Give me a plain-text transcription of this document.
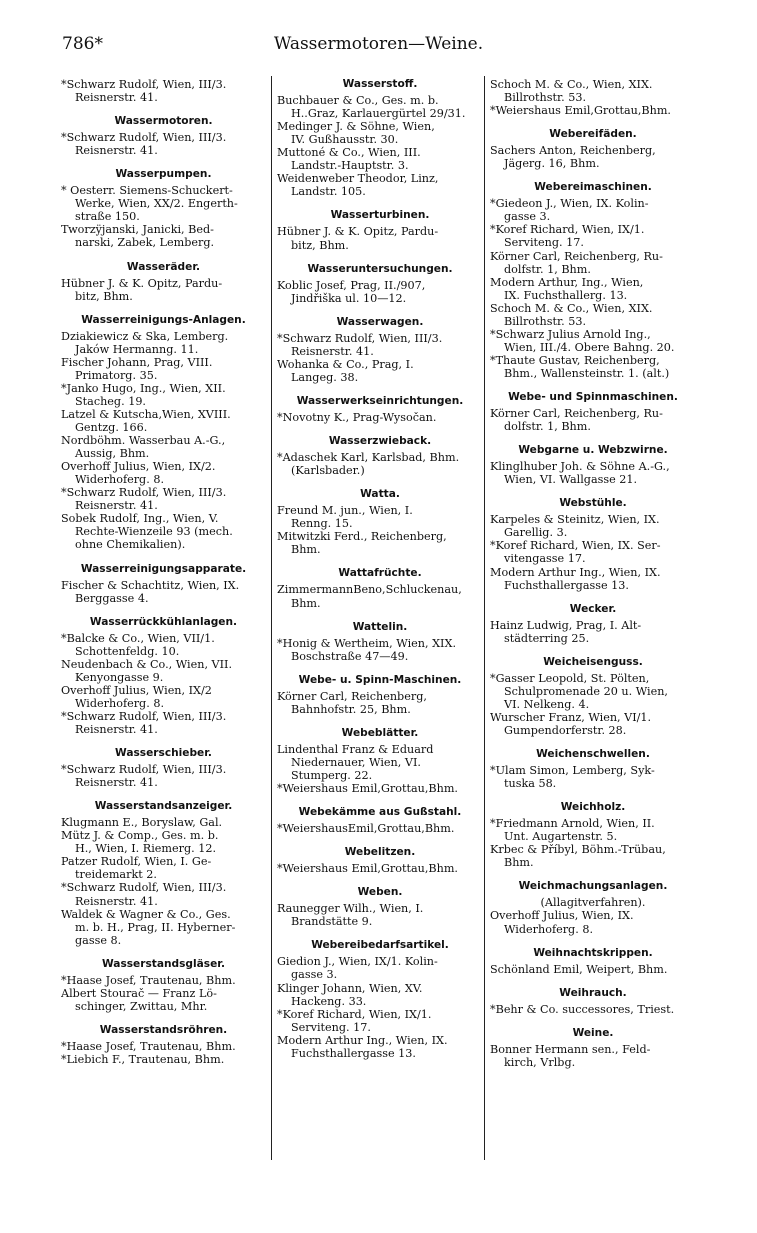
786*	Wassermotoren—Weine.
*Schwarz Rudolf, Wien, III/3.
Reisnerstr. 41.
Wassermotoren.
*Schwarz Rudolf, Wien, III/3.
Reisnerstr. 41.
Wasserpumpen.
* Oesterr. Siemens-Schuckert-
Werke, Wien, XX/2. Engerth-
straße 150.
Tworzÿjanski, Janicki, Bed-
narski, Zabek, Lemberg.
Wasseräder.
Hübner J. & K. Opitz, Pardu-
bitz, Bhm.
Wasserreinigungs-Anlagen.
Dziakiewicz & Ska, Lemberg.
Jaków Hermanng. 11.
Fischer Johann, Prag, VIII.
Primatorg. 35.
*Janko Hugo, Ing., Wien, XII.
Stacheg. 19.
Latzel & Kutscha,Wien, XVIII.
Gentzg. 166.
Nordböhm. Wasserbau A.-G.,
Aussig, Bhm.
Overhoff Julius, Wien, IX/2.
Widerhoferg. 8.
*Schwarz Rudolf, Wien, III/3.
Reisnerstr. 41.
Sobek Rudolf, Ing., Wien, V.
Rechte-Wienzeile 93 (mech.
ohne Chemikalien).
Wasserreinigungsapparate.
Fischer & Schachtitz, Wien, IX.
Berggasse 4.
Wasserrückkühlanlagen.
*Balcke & Co., Wien, VII/1.
Schottenfeldg. 10.
Neudenbach & Co., Wien, VII.
Kenyongasse 9.
Overhoff Julius, Wien, IX/2
Widerhoferg. 8.
*Schwarz Rudolf, Wien, III/3.
Reisnerstr. 41.
Wasserschieber.
*Schwarz Rudolf, Wien, III/3.
Reisnerstr. 41.
Wasserstandsanzeiger.
Klugmann E., Boryslaw, Gal.
Mütz J. & Comp., Ges. m. b.
H., Wien, I. Riemerg. 12.
Patzer Rudolf, Wien, I. Ge-
treidemarkt 2.
*Schwarz Rudolf, Wien, III/3.
Reisnerstr. 41.
Waldek & Wagner & Co., Ges.
m. b. H., Prag, II. Hyberner-
gasse 8.
Wasserstandsgläser.
*Haase Josef, Trautenau, Bhm.
Albert Stourač — Franz Lö-
schinger, Zwittau, Mhr.
Wasserstandsröhren.
*Haase Josef, Trautenau, Bhm.
*Liebich F., Trautenau, Bhm.
Wasserstoff.
Buchbauer & Co., Ges. m. b.
H..Graz, Karlauergürtel 29/31.
Medinger J. & Söhne, Wien,
IV. Gußhausstr. 30.
Muttoné & Co., Wien, III.
Landstr.-Hauptstr. 3.
Weidenweber Theodor, Linz,
Landstr. 105.
Wasserturbinen.
Hübner J. & K. Opitz, Pardu-
bitz, Bhm.
Wasseruntersuchungen.
Koblic Josef, Prag, II./907,
Jindřiška ul. 10—12.
Wasserwagen.
*Schwarz Rudolf, Wien, III/3.
Reisnerstr. 41.
Wohanka & Co., Prag, I.
Langeg. 38.
Wasserwerkseinrichtungen.
*Novotny K., Prag-Wysočan.
Wasserzwieback.
*Adaschek Karl, Karlsbad, Bhm.
(Karlsbader.)
Watta.
Freund M. jun., Wien, I.
Renng. 15.
Mitwitzki Ferd., Reichenberg,
Bhm.
Wattafrüchte.
ZimmermannBeno,Schluckenau,
Bhm.
Wattelin.
*Honig & Wertheim, Wien, XIX.
Boschstraße 47—49.
Webe- u. Spinn-Maschinen.
Körner Carl, Reichenberg,
Bahnhofstr. 25, Bhm.
Webeblätter.
Lindenthal Franz & Eduard
Niedernauer, Wien, VI.
Stumperg. 22.
*Weiershaus Emil,Grottau,Bhm.
Webekämme aus Gußstahl.
*WeiershausEmil,Grottau,Bhm.
Webelitzen.
*Weiershaus Emil,Grottau,Bhm.
Weben.
Raunegger Wilh., Wien, I.
Brandstätte 9.
Webereibedarfsartikel.
Giedion J., Wien, IX/1. Kolin-
gasse 3.
Klinger Johann, Wien, XV.
Hackeng. 33.
*Koref Richard, Wien, IX/1.
Servitеng. 17.
Modern Arthur Ing., Wien, IX.
Fuchsthallergasse 13.
Schoch M. & Co., Wien, XIX.
Billrothstr. 53.
*Weiershaus Emil,Grottau,Bhm.
Webereifäden.
Sachers Anton, Reichenberg,
Jägerg. 16, Bhm.
Webereimaschinen.
*Giedeon J., Wien, IX. Kolin-
gasse 3.
*Koref Richard, Wien, IX/1.
Servitеng. 17.
Körner Carl, Reichenberg, Ru-
dolfstr. 1, Bhm.
Modern Arthur, Ing., Wien,
IX. Fuchsthallerg. 13.
Schoch M. & Co., Wien, XIX.
Billrothstr. 53.
*Schwarz Julius Arnold Ing.,
Wien, III./4. Obere Bahng. 20.
*Thaute Gustav, Reichenberg,
Bhm., Wallensteinstr. 1. (alt.)
Webe- und Spinnmaschinen.
Körner Carl, Reichenberg, Ru-
dolfstr. 1, Bhm.
Webgarne u. Webzwirne.
Klinglhuber Joh. & Söhne A.-G.,
Wien, VI. Wallgasse 21.
Webstühle.
Karpeles & Steinitz, Wien, IX.
Garellig. 3.
*Koref Richard, Wien, IX. Ser-
vitengasse 17.
Modern Arthur Ing., Wien, IX.
Fuchsthallergasse 13.
Wecker.
Hainz Ludwig, Prag, I. Alt-
städterring 25.
Weicheisenguss.
*Gasser Leopold, St. Pölten,
Schulpromenade 20 u. Wien,
VI. Nelkeng. 4.
Wurscher Franz, Wien, VI/1.
Gumpendorferstr. 28.
Weichenschwellen.
*Ulam Simon, Lemberg, Syk-
tuska 58.
Weichholz.
*Friedmann Arnold, Wien, II.
Unt. Augartenstr. 5.
Krbec & Příbyl, Böhm.-Trübau,
Bhm.
Weichmachungsanlagen.
(Allagitverfahren).
Overhoff Julius, Wien, IX.
Widerhoferg. 8.
Weihnachtskrippen.
Schönland Emil, Weipert, Bhm.
Weihrauch.
*Behr & Co. successores, Triest.
Weine.
Bonner Hermann sen., Feld-
kirch, Vrlbg.
